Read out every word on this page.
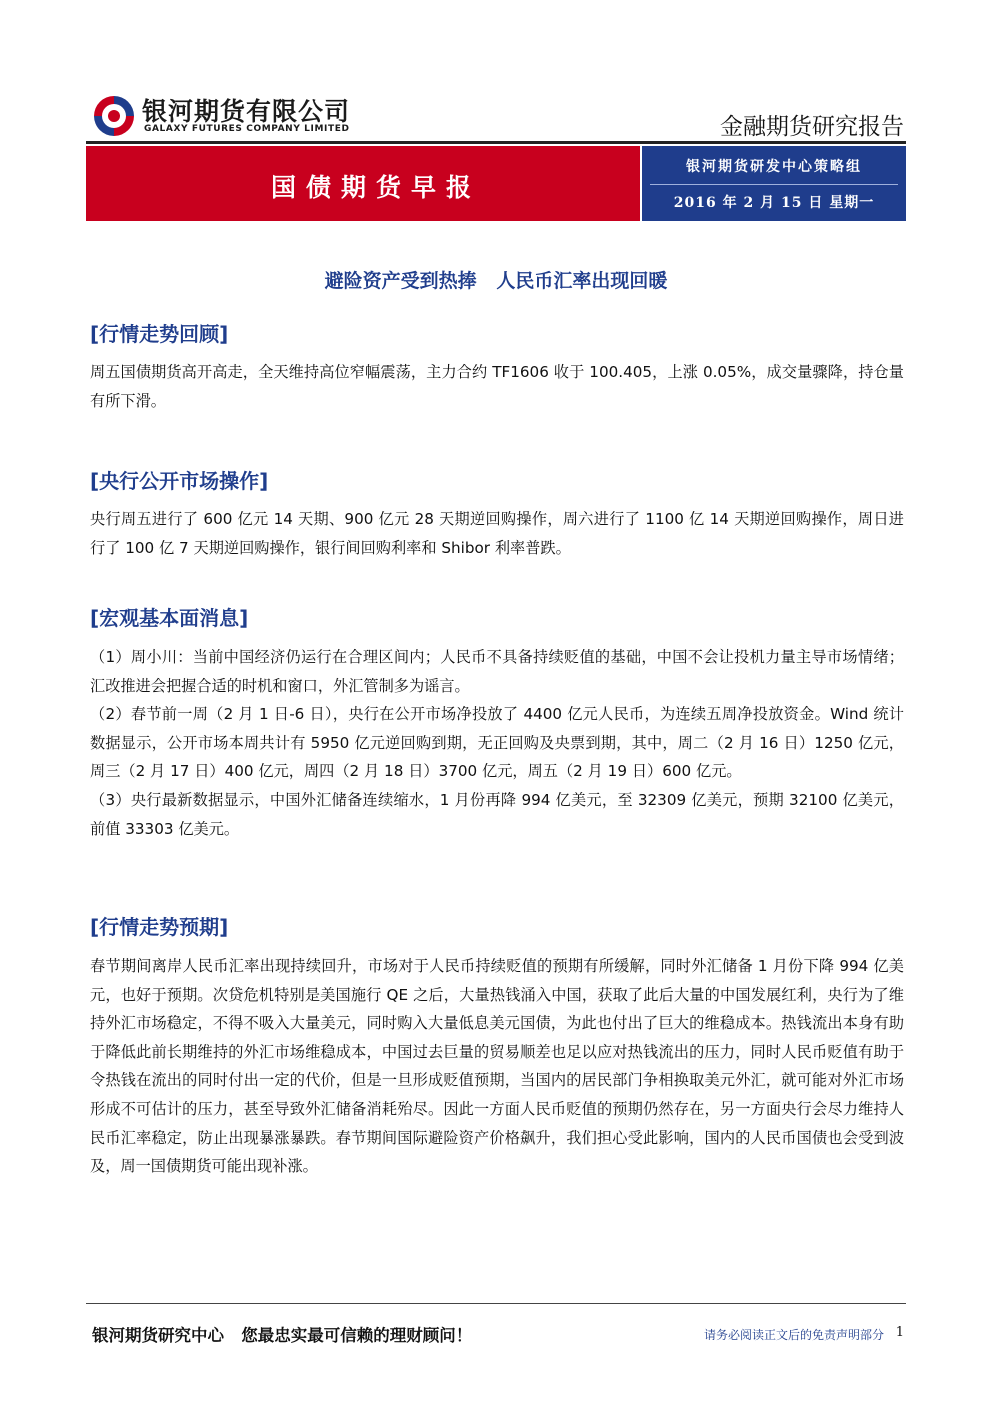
银河期货有限公司
GALAXY FUTURES COMPANY LIMITED	金融期货研究报告
国债期货早报
银河期货研发中心策略组
2016 年 2 月 15 日 星期一
避险资产受到热捧   人民币汇率出现回暖
[行情走势回顾]

周五国债期货高开高走，全天维持高位窄幅震荡，主力合约 TF1606 收于 100.405，上涨 0.05%，成交量骤降，持仓量有所下滑。

[央行公开市场操作]

央行周五进行了 600 亿元 14 天期、900 亿元 28 天期逆回购操作，周六进行了 1100 亿 14 天期逆回购操作，周日进行了 100 亿 7 天期逆回购操作，银行间回购利率和 Shibor 利率普跌。

[宏观基本面消息]

（1）周小川：当前中国经济仍运行在合理区间内；人民币不具备持续贬值的基础，中国不会让投机力量主导市场情绪；汇改推进会把握合适的时机和窗口，外汇管制多为谣言。

（2）春节前一周（2 月 1 日-6 日），央行在公开市场净投放了 4400 亿元人民币，为连续五周净投放资金。Wind 统计数据显示，公开市场本周共计有 5950 亿元逆回购到期，无正回购及央票到期，其中，周二（2 月 16 日）1250 亿元，周三（2 月 17 日）400 亿元，周四（2 月 18 日）3700 亿元，周五（2 月 19 日）600 亿元。

（3）央行最新数据显示，中国外汇储备连续缩水，1 月份再降 994 亿美元，至 32309 亿美元，预期 32100 亿美元，前值 33303 亿美元。

[行情走势预期]

春节期间离岸人民币汇率出现持续回升，市场对于人民币持续贬值的预期有所缓解，同时外汇储备 1 月份下降 994 亿美元，也好于预期。次贷危机特别是美国施行 QE 之后，大量热钱涌入中国，获取了此后大量的中国发展红利，央行为了维持外汇市场稳定，不得不吸入大量美元，同时购入大量低息美元国债，为此也付出了巨大的维稳成本。热钱流出本身有助于降低此前长期维持的外汇市场维稳成本，中国过去巨量的贸易顺差也足以应对热钱流出的压力，同时人民币贬值有助于令热钱在流出的同时付出一定的代价，但是一旦形成贬值预期，当国内的居民部门争相换取美元外汇，就可能对外汇市场形成不可估计的压力，甚至导致外汇储备消耗殆尽。因此一方面人民币贬值的预期仍然存在，另一方面央行会尽力维持人民币汇率稳定，防止出现暴涨暴跌。春节期间国际避险资产价格飙升，我们担心受此影响，国内的人民币国债也会受到波及，周一国债期货可能出现补涨。

银河期货研究中心   您最忠实最可信赖的理财顾问！	请务必阅读正文后的免责声明部分 1
